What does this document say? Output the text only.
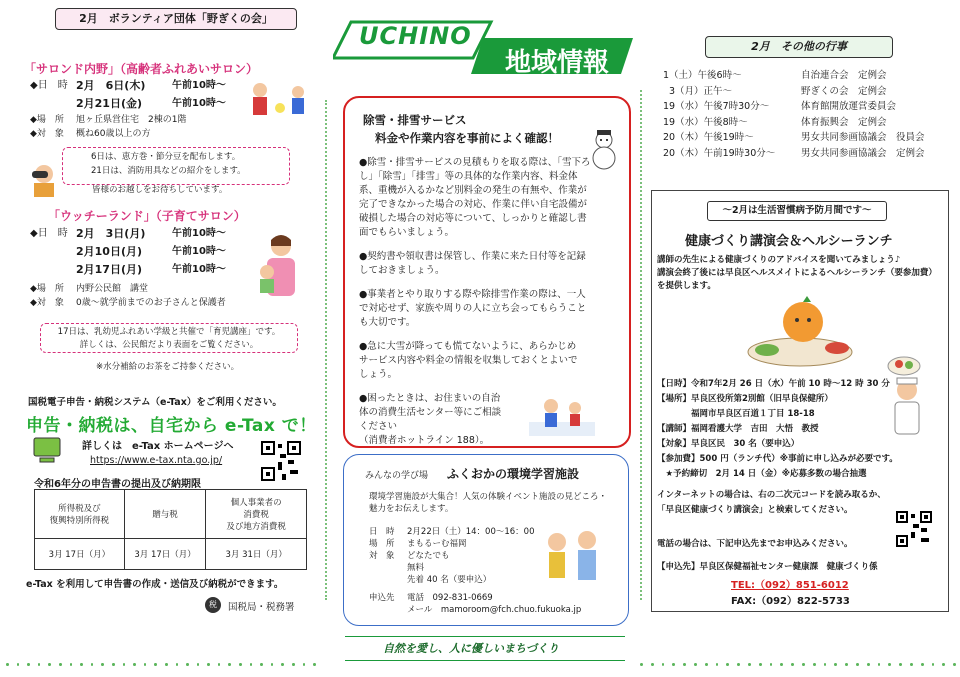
2月　ボランティア団体「野ぎくの会」
「サロンド内野」（高齢者ふれあいサロン）
◆日　時 2月　6日(木)	午前10時～
2月21日(金)	午前10時～
◆場　所	旭ヶ丘県営住宅　2棟の1階
◆対　象	概ね60歳以上の方
6日は、恵方巻・節分豆を配布します。
21日は、消防用具などの紹介をします。
皆様のお越しをお待ちしています。
「ウッチーランド」（子育てサロン）
◆日　時 2月　3日(月)	午前10時～
2月10日(月)	午前10時～
2月17日(月)	午前10時～
◆場　所	内野公民館　講堂
◆対　象	0歳～就学前までのお子さんと保護者
17日は、乳幼児ふれあい学級と共催で「育児講座」です。
詳しくは、公民館だより表面をご覧ください。
※水分補給のお茶をご持参ください。
国税電子申告・納税システム（e-Tax）をご利用ください。
申告・納税は、自宅から e-Tax で！
詳しくは　e-Tax ホームページへ
https://www.e-tax.nta.go.jp/
令和6年分の申告書の提出及び納期限
所得税及び
復興特別所得税	贈与税	個人事業者の
消費税
及び地方消費税
3月 17日（月）	3月 17日（月）	3月 31日（月）
e-Tax を利用して申告書の作成・送信及び納税ができます。
税	国税局・税務署
UCHINO
地域情報
除雪・排雪サービス
料金や作業内容を事前によく確認！
●除雪・排雪サービスの見積もりを取る際は、「雪下ろし」「除雪」「排雪」等の具体的な作業内容、料金体系、重機が入るかなど別料金の発生の有無や、作業が完了できなかった場合の対応、作業に伴い自宅設備が破損した場合の対応等について、しっかりと確認し書面でもらいましょう。
●契約書や領収書は保管し、作業に来た日付等を記録しておきましょう。
●事業者とやり取りする際や除排雪作業の際は、一人で対応せず、家族や周りの人に立ち会ってもらうことも大切です。
●急に大雪が降っても慌てないように、あらかじめサービス内容や料金の情報を収集しておくとよいでしょう。
●困ったときは、お住まいの自治体の消費生活センター等にご相談ください
（消費者ホットライン 188）。
みんなの学び場 ふくおかの環境学習施設
環境学習施設が大集合！人気の体験イベント施設の見どころ・魅力をお伝えします。
日　時	2月22日（土）14：00～16：00
場　所	まもるーむ福岡
対　象	どなたでも
無料
先着 40 名（要申込）
申込先	電話　092-831-0669
メール　mamoroom@fch.chuo.fukuoka.jp
自然を愛し、人に優しいまちづくり
2月　その他の行事
1（土）午後6時～	自治連合会　定例会
3（月）正午～	野ぎくの会　定例会
19（水）午後7時30分～	体育館開放運営委員会
19（水）午後8時～	体育振興会　定例会
20（木）午後19時～	男女共同参画協議会　役員会
20（木）午前19時30分～	男女共同参画協議会　定例会
～2月は生活習慣病予防月間です～
健康づくり講演会＆ヘルシーランチ
講師の先生による健康づくりのアドバイスを聞いてみましょう♪
講演会終了後には早良区ヘルスメイトによるヘルシーランチ（要参加費）を提供します。
【日時】令和7年2月 26 日（水）午前 10 時～12 時 30 分
【場所】早良区役所第2別館（旧早良保健所）
　　　　福岡市早良区百道１丁目 18-18
【講師】福岡看護大学　吉田　大悟　教授
【対象】早良区民　30 名（要申込）
【参加費】500 円（ランチ代）※事前に申し込みが必要です。
　★予約締切　2月 14 日（金）※応募多数の場合抽選
インターネットの場合は、右の二次元コードを読み取るか、
「早良区健康づくり講演会」と検索してください。
電話の場合は、下記申込先までお申込みください。
【申込先】早良区保健福祉センター健康課　健康づくり係
TEL:（092）851-6012
FAX:（092）822-5733
